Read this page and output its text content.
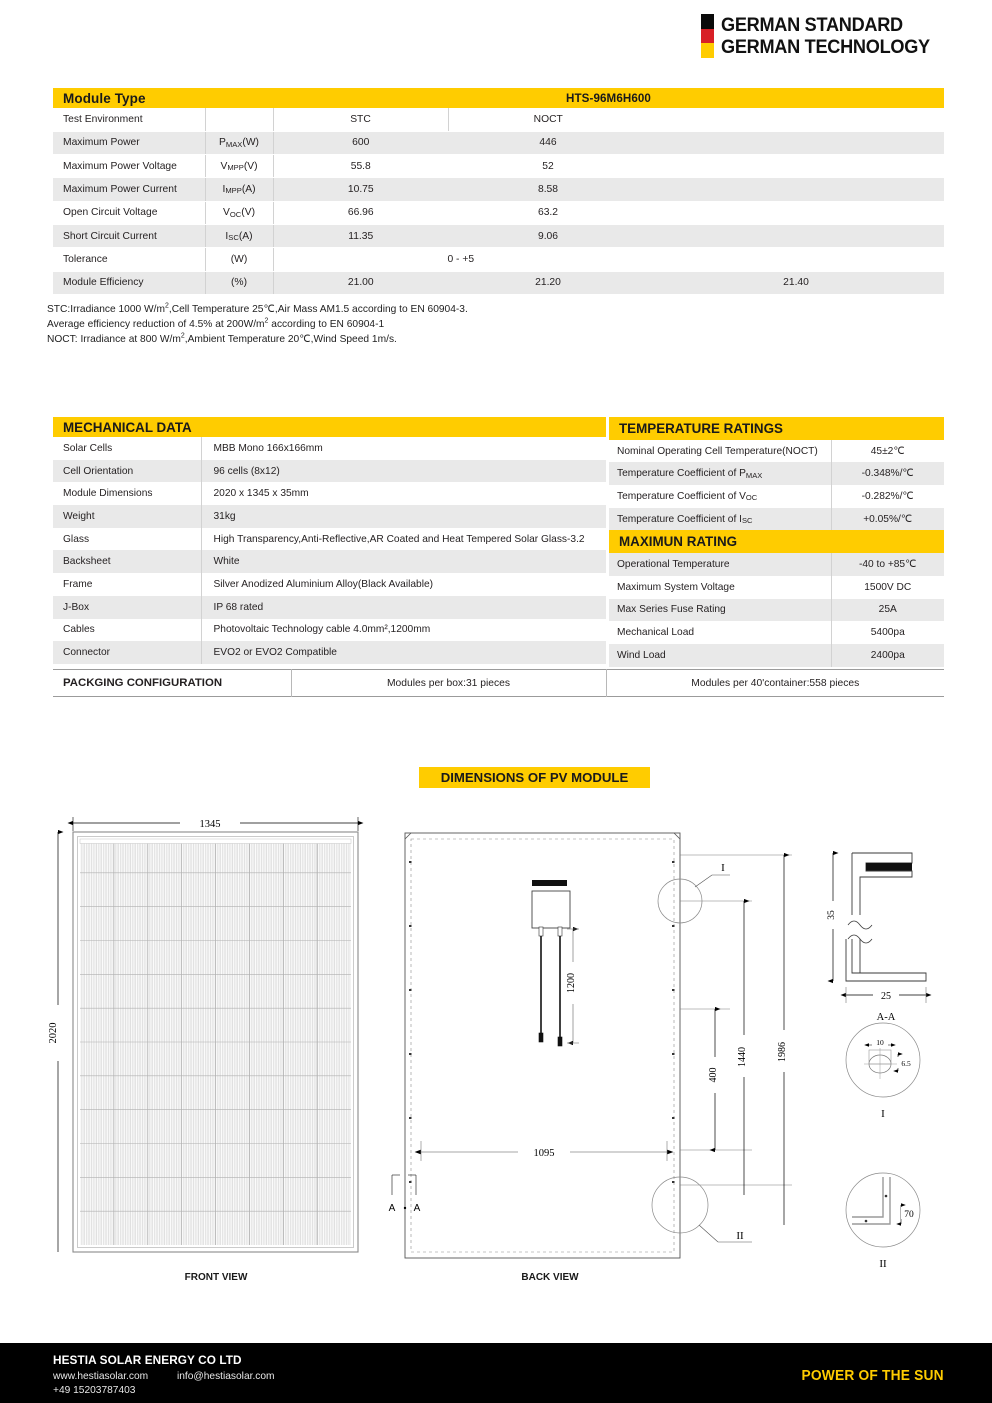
GERMAN STANDARD
GERMAN TECHNOLOGY
Module Type		HTS-96M6H600		
Test Environment		STC	NOCT	
Maximum Power	$P_{MAX}(W)$	600	446	
Maximum Power Voltage	$V_{MPP}(V)$	55.8	52	
Maximum Power Current	$I_{MPP}(A)$	10.75	8.58	
Open Circuit Voltage	$V_{OC}(V)$	66.96	63.2	
Short Circuit Current	$I_{SC}(A)$	11.35	9.06	
Tolerance	(W)	0 - +5		
Module Efficiency	(%)	21.00	21.20	21.40
STC:Irradiance 1000 $W/m^2,Cell$ Temperature 25℃,Air Mass AM1.5 according to EN 60904-3.
Average efficiency reduction of 4.5% at $200W/m^2$ according to EN 60904-1
NOCT: Irradiance at 800 $W/m^2,Ambient$ Temperature 20℃,Wind Speed 1m/s.
MECHANICAL DATA	
Solar Cells	MBB Mono 166x166mm
Cell Orientation	96 cells (8x12)
Module Dimensions	2020 x 1345 x 35mm
Weight	31kg
Glass	High Transparency,Anti-Reflective,AR Coated and Heat Tempered Solar Glass-3.2
Backsheet	White
Frame	Silver Anodized Aluminium Alloy(Black Available)
J-Box	IP 68 rated
Cables	Photovoltaic Technology cable 4.0mm²,1200mm
Connector	EVO2 or EVO2 Compatible
TEMPERATURE RATINGS	
Nominal Operating Cell Temperature(NOCT)	45±2℃
Temperature Coefficient of $P_{MAX}$	-0.348%/℃
Temperature Coefficient of $V_{OC}$	-0.282%/℃
Temperature Coefficient of $I_{SC}$	+0.05%/℃
MAXIMUN RATING	
Operational Temperature	-40 to +85℃
Maximum System Voltage	1500V DC
Max Series Fuse Rating	25A
Mechanical Load	5400pa
Wind Load	2400pa
PACKGING CONFIGURATION	Modules per box:31 pieces	Modules per 40'container:558 pieces
DIMENSIONS OF PV MODULE
1345
2020
FRONT VIEW
1200
400
1440	1986
I
II
1095
A A
BACK VIEW
35
25
A-A
10
6.5
I
70
II
HESTIA SOLAR ENERGY CO LTD
www.hestiasolar.com	info@hestiasolar.com
+49 15203787403
POWER OF THE SUN
